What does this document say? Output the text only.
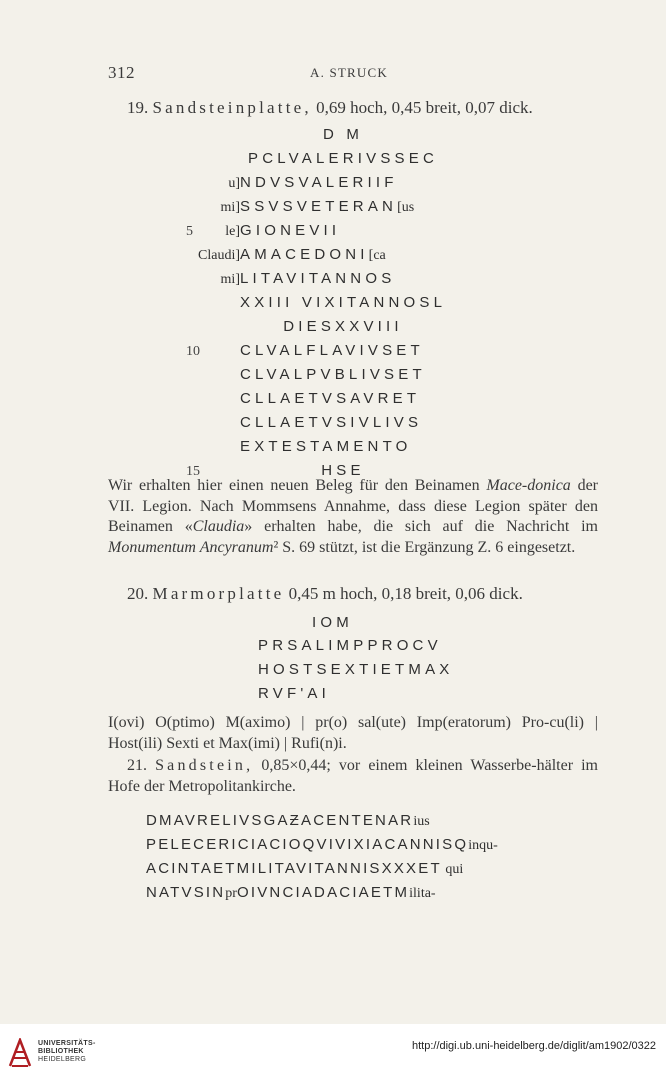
312	A. STRUCK
19. Sandsteinplatte, 0,69 hoch, 0,45 breit, 0,07 dick.
D M
PCLVALERIVSSEC
u]NDVSVALERIIF
mi]SSVSVETERAN[us
5 le]GIONEVII
Claudi]AMACEDONI[ca
mi]LITAVITANNOS
XXIII VIXITANNOSL
DIESXXVIII
10	CLVALFLAVIVSET
CLVALPVBLIVSET
CLLAETVSAVRET
CLLAETVSIVLIVS
EXTESTAMENTO
15	HSE
Wir erhalten hier einen neuen Beleg für den Beinamen Mace-donica der VII. Legion. Nach Mommsens Annahme, dass diese Legion später den Beinamen «Claudia» erhalten habe, die sich auf die Nachricht im Monumentum Ancyranum² S. 69 stützt, ist die Ergänzung Z. 6 eingesetzt.
20. Marmorplatte 0,45 m hoch, 0,18 breit, 0,06 dick.
IOM
PRSALIMPPROCV
HOSTSEXTIETMAX
RVF'AI
I(ovi) O(ptimo) M(aximo) | pr(o) sal(ute) Imp(eratorum) Pro-cu(li) | Host(ili) Sexti et Max(imi) | Rufi(n)i.
21. Sandstein, 0,85×0,44; vor einem kleinen Wasserbe-hälter im Hofe der Metropolitankirche.
DMAVRELIVSGAƵACENTENARius
PELECERICIACIOQVIVIXIACANNISQinqu-
ACINTAETMILITAVITANNISXXXET qui
NATVSINprOIVNCIADACIAETMilita-
UNIVERSITÄTS-
BIBLIOTHEK
HEIDELBERG
http://digi.ub.uni-heidelberg.de/diglit/am1902/0322
